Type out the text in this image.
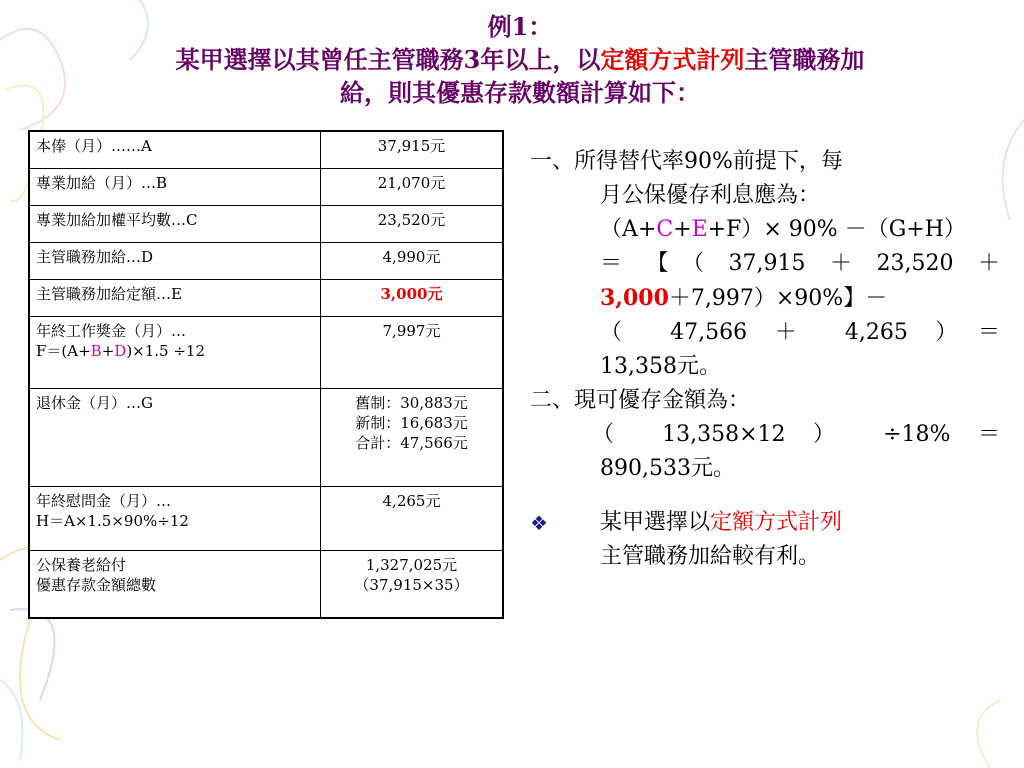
例1：
某甲選擇以其曾任主管職務3年以上，以定額方式計列主管職務加
給，則其優惠存款數額計算如下：
本俸（月）……A	37,915元
專業加給（月）…B	21,070元
專業加給加權平均數…C	23,520元
主管職務加給…D	4,990元
主管職務加給定額…E	3,000元
年終工作獎金（月）…
F＝(A+B+D)×1.5 ÷12	7,997元
退休金（月）…G	舊制：30,883元
新制：16,683元
合計：47,566元
年終慰問金（月）…
H＝A×1.5×90%÷12	4,265元
公保養老給付
優惠存款金額總數	1,327,025元
（37,915×35）

一、所得替代率90%前提下，每

月公保優存利息應為：

（A+C+E+F）× 90% －（G+H）

＝【（37,915＋23,520＋

3,000＋7,997）×90%】－

（ 47,566 ＋ 4,265 ）＝

13,358元。

二、現可優存金額為：

（ 13,358×12 ） ÷18% ＝

890,533元。

❖	某甲選擇以定額方式計列
主管職務加給較有利。
